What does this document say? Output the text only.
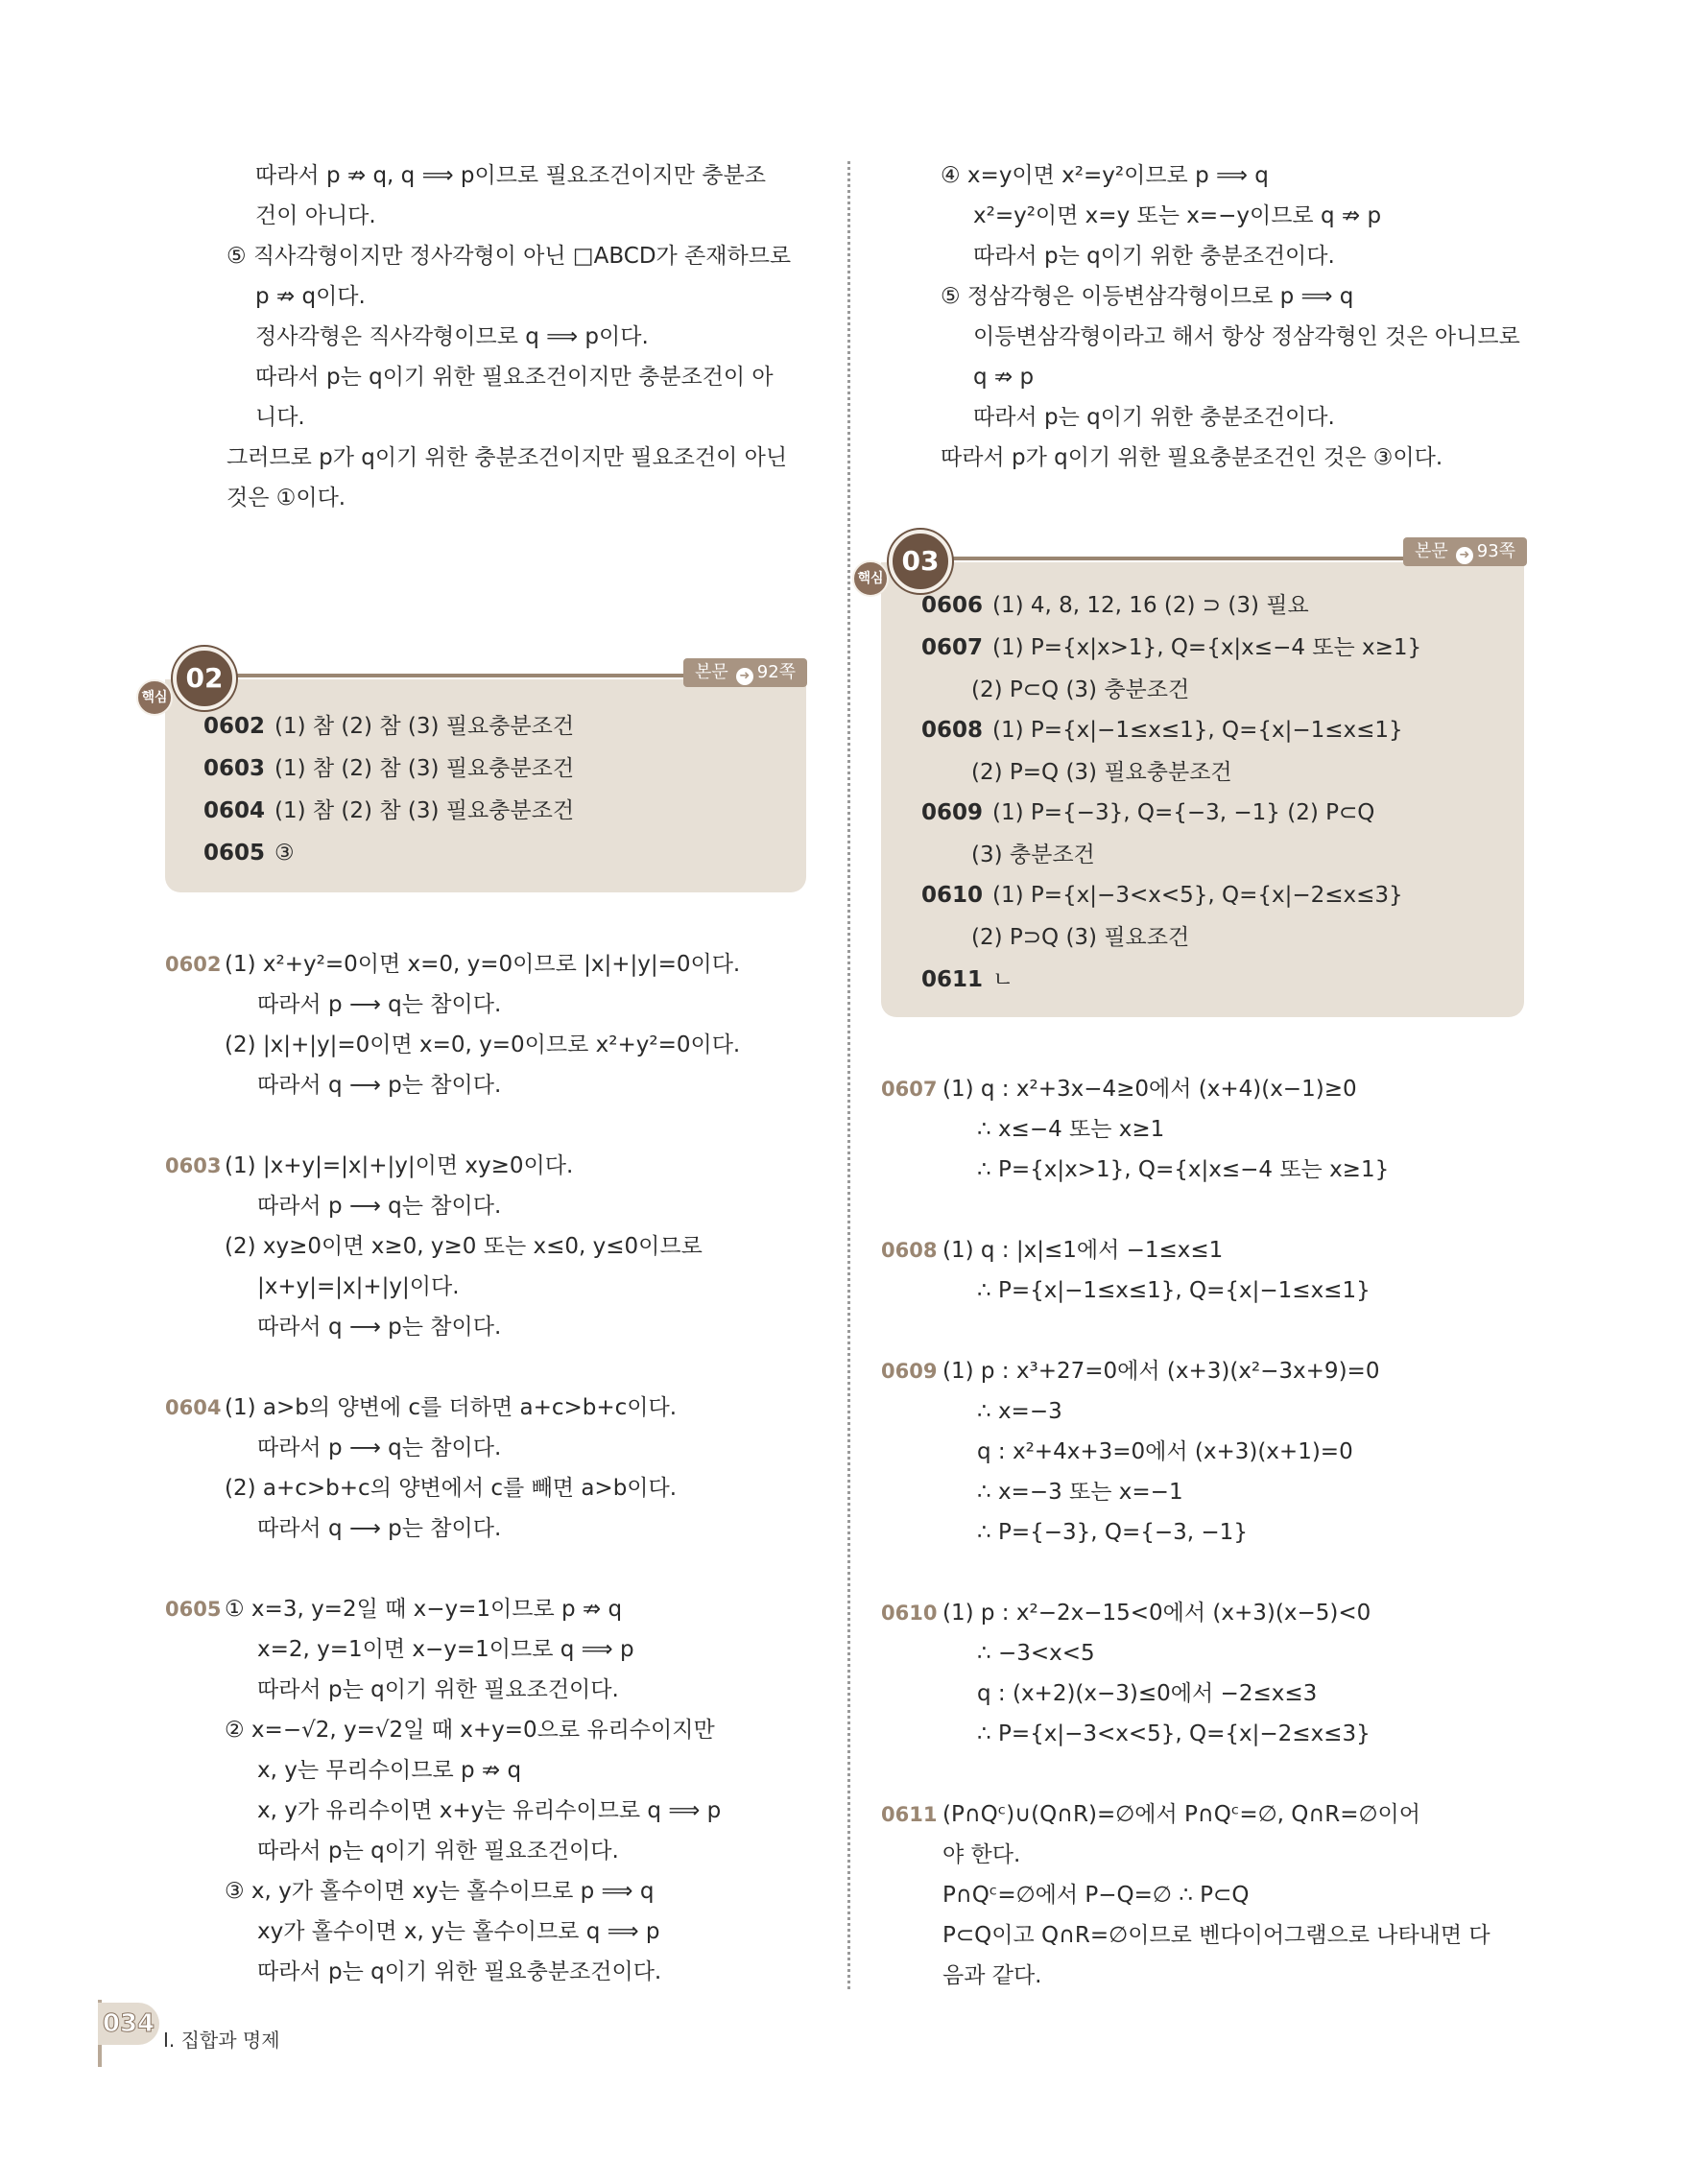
따라서 p ⇏ q, q ⟹ p이므로 필요조건이지만 충분조
건이 아니다.
⑤ 직사각형이지만 정사각형이 아닌 □ABCD가 존재하므로
p ⇏ q이다.
정사각형은 직사각형이므로 q ⟹ p이다.
따라서 p는 q이기 위한 필요조건이지만 충분조건이 아
니다.
그러므로 p가 q이기 위한 충분조건이지만 필요조건이 아닌
것은 ①이다.
02
핵심
본문 ➜ 92쪽
0602 (1) 참 (2) 참 (3) 필요충분조건
0603 (1) 참 (2) 참 (3) 필요충분조건
0604 (1) 참 (2) 참 (3) 필요충분조건
0605 ③
0602 (1) x²+y²=0이면 x=0, y=0이므로 |x|+|y|=0이다.
따라서 p ⟶ q는 참이다.
(2) |x|+|y|=0이면 x=0, y=0이므로 x²+y²=0이다.
따라서 q ⟶ p는 참이다.
0603 (1) |x+y|=|x|+|y|이면 xy≥0이다.
따라서 p ⟶ q는 참이다.
(2) xy≥0이면 x≥0, y≥0 또는 x≤0, y≤0이므로
|x+y|=|x|+|y|이다.
따라서 q ⟶ p는 참이다.
0604 (1) a>b의 양변에 c를 더하면 a+c>b+c이다.
따라서 p ⟶ q는 참이다.
(2) a+c>b+c의 양변에서 c를 빼면 a>b이다.
따라서 q ⟶ p는 참이다.
0605 ① x=3, y=2일 때 x−y=1이므로 p ⇏ q
x=2, y=1이면 x−y=1이므로 q ⟹ p
따라서 p는 q이기 위한 필요조건이다.
② x=−√2, y=√2일 때 x+y=0으로 유리수이지만
x, y는 무리수이므로 p ⇏ q
x, y가 유리수이면 x+y는 유리수이므로 q ⟹ p
따라서 p는 q이기 위한 필요조건이다.
③ x, y가 홀수이면 xy는 홀수이므로 p ⟹ q
xy가 홀수이면 x, y는 홀수이므로 q ⟹ p
따라서 p는 q이기 위한 필요충분조건이다.
④ x=y이면 x²=y²이므로 p ⟹ q
x²=y²이면 x=y 또는 x=−y이므로 q ⇏ p
따라서 p는 q이기 위한 충분조건이다.
⑤ 정삼각형은 이등변삼각형이므로 p ⟹ q
이등변삼각형이라고 해서 항상 정삼각형인 것은 아니므로
q ⇏ p
따라서 p는 q이기 위한 충분조건이다.
따라서 p가 q이기 위한 필요충분조건인 것은 ③이다.
03
핵심
본문 ➜ 93쪽
0606 (1) 4, 8, 12, 16 (2) ⊃ (3) 필요
0607 (1) P={x|x>1}, Q={x|x≤−4 또는 x≥1}
(2) P⊂Q (3) 충분조건
0608 (1) P={x|−1≤x≤1}, Q={x|−1≤x≤1}
(2) P=Q (3) 필요충분조건
0609 (1) P={−3}, Q={−3, −1} (2) P⊂Q
(3) 충분조건
0610 (1) P={x|−3<x<5}, Q={x|−2≤x≤3}
(2) P⊃Q (3) 필요조건
0611 ㄴ
0607 (1) q : x²+3x−4≥0에서 (x+4)(x−1)≥0
∴ x≤−4 또는 x≥1
∴ P={x|x>1}, Q={x|x≤−4 또는 x≥1}
0608 (1) q : |x|≤1에서 −1≤x≤1
∴ P={x|−1≤x≤1}, Q={x|−1≤x≤1}
0609 (1) p : x³+27=0에서 (x+3)(x²−3x+9)=0
∴ x=−3
q : x²+4x+3=0에서 (x+3)(x+1)=0
∴ x=−3 또는 x=−1
∴ P={−3}, Q={−3, −1}
0610 (1) p : x²−2x−15<0에서 (x+3)(x−5)<0
∴ −3<x<5
q : (x+2)(x−3)≤0에서 −2≤x≤3
∴ P={x|−3<x<5}, Q={x|−2≤x≤3}
0611 (P∩Qᶜ)∪(Q∩R)=∅에서 P∩Qᶜ=∅, Q∩R=∅이어
야 한다.
P∩Qᶜ=∅에서 P−Q=∅ ∴ P⊂Q
P⊂Q이고 Q∩R=∅이므로 벤다이어그램으로 나타내면 다
음과 같다.
034
I. 집합과 명제
